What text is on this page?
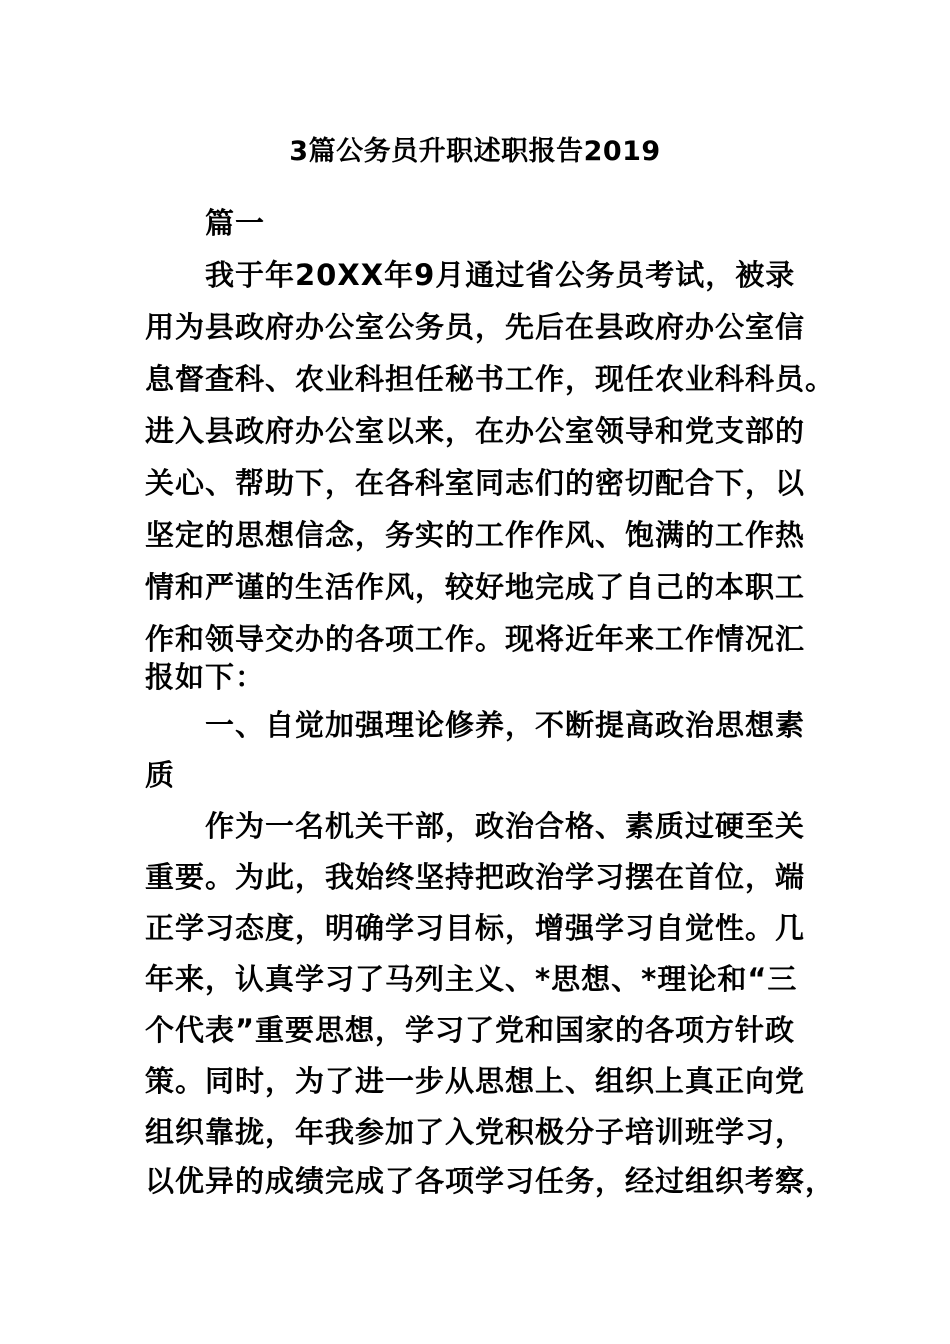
3篇公务员升职述职报告2019
篇一
我于年20XX年9月通过省公务员考试，被录
用为县政府办公室公务员，先后在县政府办公室信
息督查科、农业科担任秘书工作，现任农业科科员。
进入县政府办公室以来，在办公室领导和党支部的
关心、帮助下，在各科室同志们的密切配合下，以
坚定的思想信念，务实的工作作风、饱满的工作热
情和严谨的生活作风，较好地完成了自己的本职工
作和领导交办的各项工作。现将近年来工作情况汇
报如下：
一、自觉加强理论修养，不断提高政治思想素
质
作为一名机关干部，政治合格、素质过硬至关
重要。为此，我始终坚持把政治学习摆在首位，端
正学习态度，明确学习目标，增强学习自觉性。几
年来，认真学习了马列主义、*思想、*理论和“三
个代表”重要思想，学习了党和国家的各项方针政
策。同时，为了进一步从思想上、组织上真正向党
组织靠拢，年我参加了入党积极分子培训班学习，
以优异的成绩完成了各项学习任务，经过组织考察，
